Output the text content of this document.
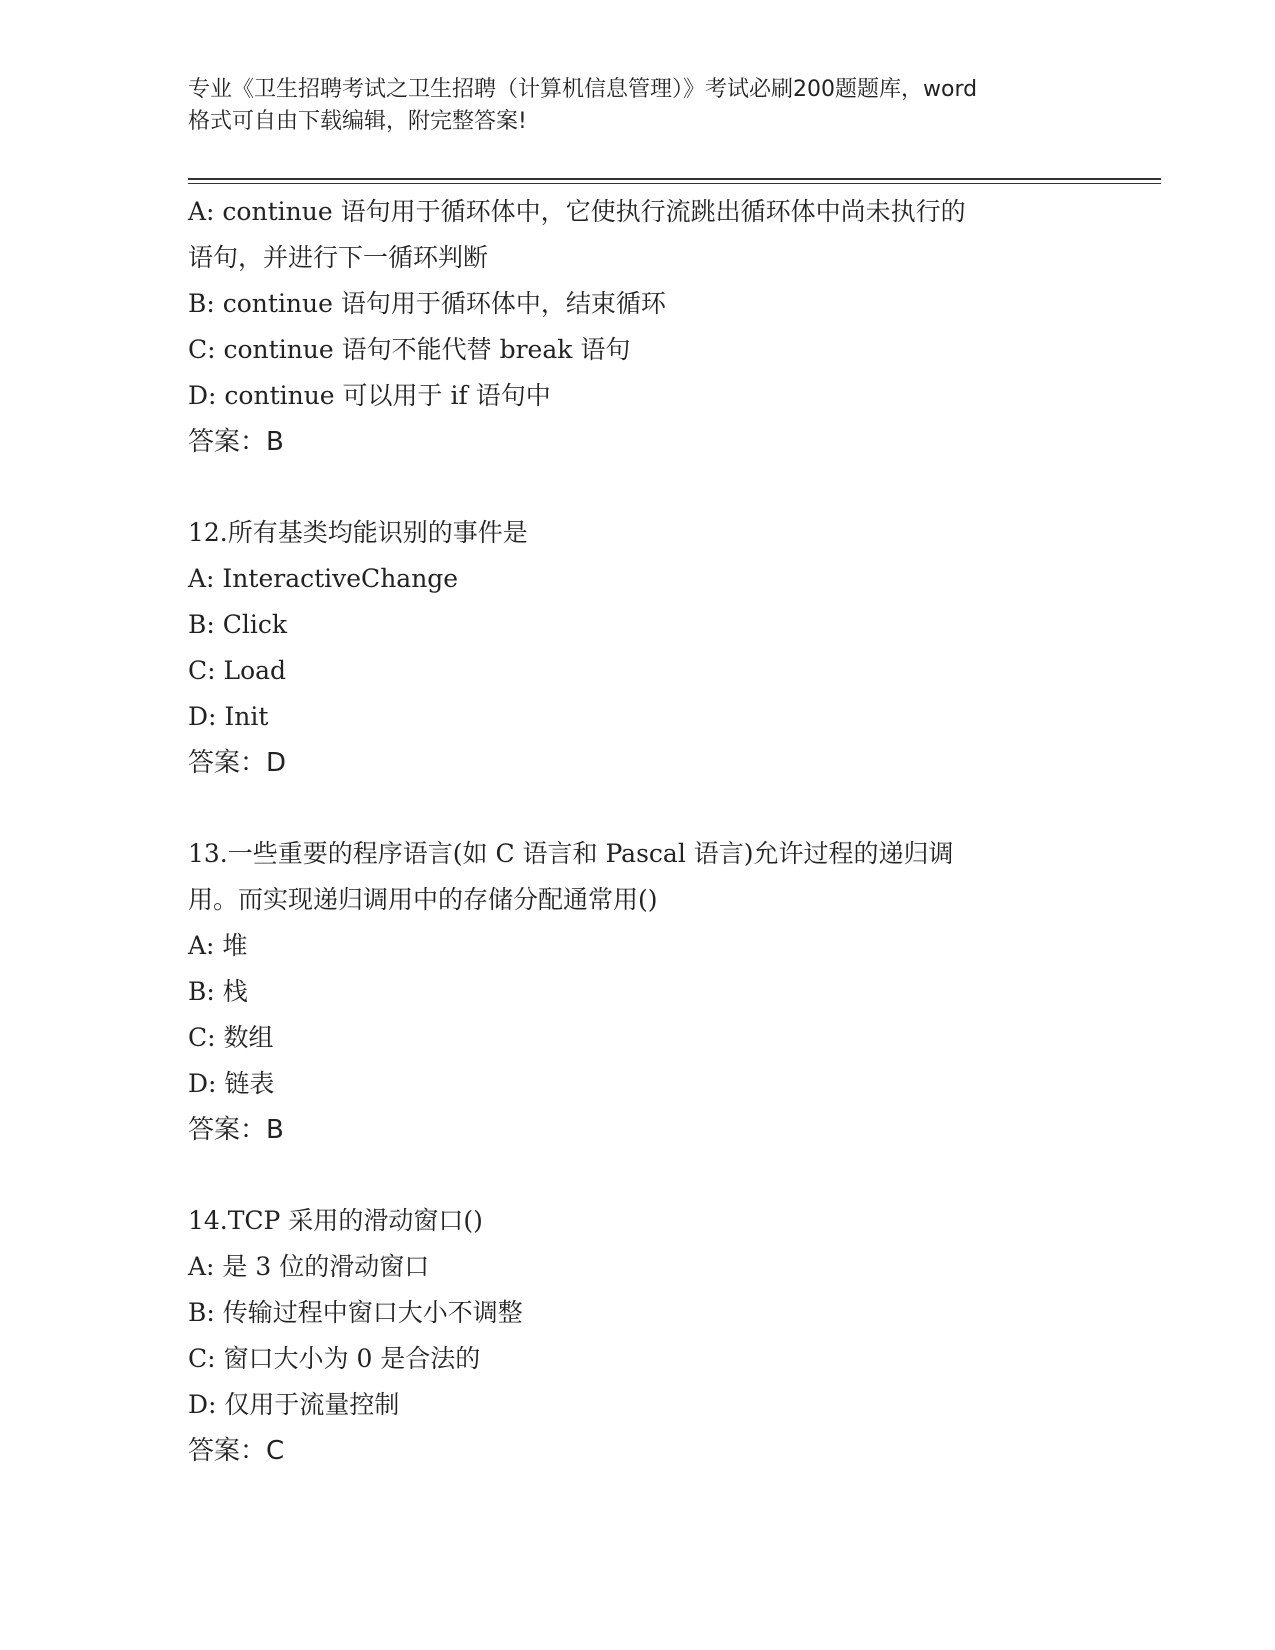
专业《卫生招聘考试之卫生招聘（计算机信息管理）》考试必刷200题题库，word
格式可自由下载编辑，附完整答案!

A: continue 语句用于循环体中，它使执行流跳出循环体中尚未执行的

语句，并进行下一循环判断

B: continue 语句用于循环体中，结束循环

C: continue 语句不能代替 break 语句

D: continue 可以用于 if 语句中

答案：B

12.所有基类均能识别的事件是

A: InteractiveChange

B: Click

C: Load

D: Init

答案：D

13.一些重要的程序语言(如 C 语言和 Pascal 语言)允许过程的递归调

用。而实现递归调用中的存储分配通常用()

A: 堆

B: 栈

C: 数组

D: 链表

答案：B

14.TCP 采用的滑动窗口()

A: 是 3 位的滑动窗口

B: 传输过程中窗口大小不调整

C: 窗口大小为 0 是合法的

D: 仅用于流量控制

答案：C
